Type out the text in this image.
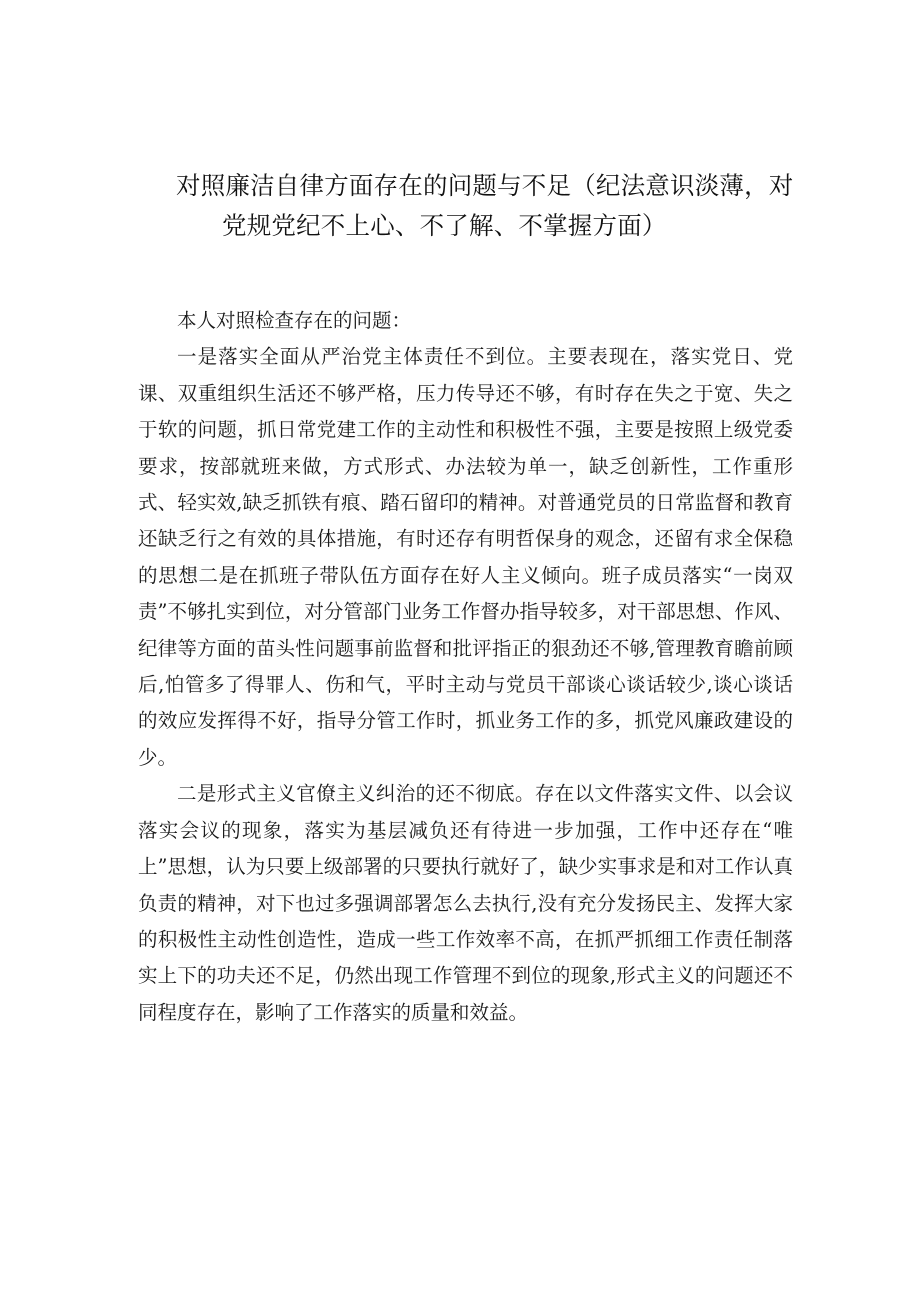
对照廉洁自律方面存在的问题与不足（纪法意识淡薄，对
党规党纪不上心、不了解、不掌握方面）

本人对照检查存在的问题：

一是落实全面从严治党主体责任不到位。主要表现在，落实党日、党课、双重组织生活还不够严格，压力传导还不够，有时存在失之于宽、失之于软的问题，抓日常党建工作的主动性和积极性不强，主要是按照上级党委要求，按部就班来做，方式形式、办法较为单一，缺乏创新性，工作重形式、轻实效,缺乏抓铁有痕、踏石留印的精神。对普通党员的日常监督和教育还缺乏行之有效的具体措施，有时还存有明哲保身的观念，还留有求全保稳的思想二是在抓班子带队伍方面存在好人主义倾向。班子成员落实“一岗双责”不够扎实到位，对分管部门业务工作督办指导较多，对干部思想、作风、纪律等方面的苗头性问题事前监督和批评指正的狠劲还不够,管理教育瞻前顾后,怕管多了得罪人、伤和气，平时主动与党员干部谈心谈话较少,谈心谈话的效应发挥得不好，指导分管工作时，抓业务工作的多，抓党风廉政建设的少。

二是形式主义官僚主义纠治的还不彻底。存在以文件落实文件、以会议落实会议的现象，落实为基层减负还有待进一步加强，工作中还存在“唯上”思想，认为只要上级部署的只要执行就好了，缺少实事求是和对工作认真负责的精神，对下也过多强调部署怎么去执行,没有充分发扬民主、发挥大家的积极性主动性创造性，造成一些工作效率不高，在抓严抓细工作责任制落实上下的功夫还不足，仍然出现工作管理不到位的现象,形式主义的问题还不同程度存在，影响了工作落实的质量和效益。
